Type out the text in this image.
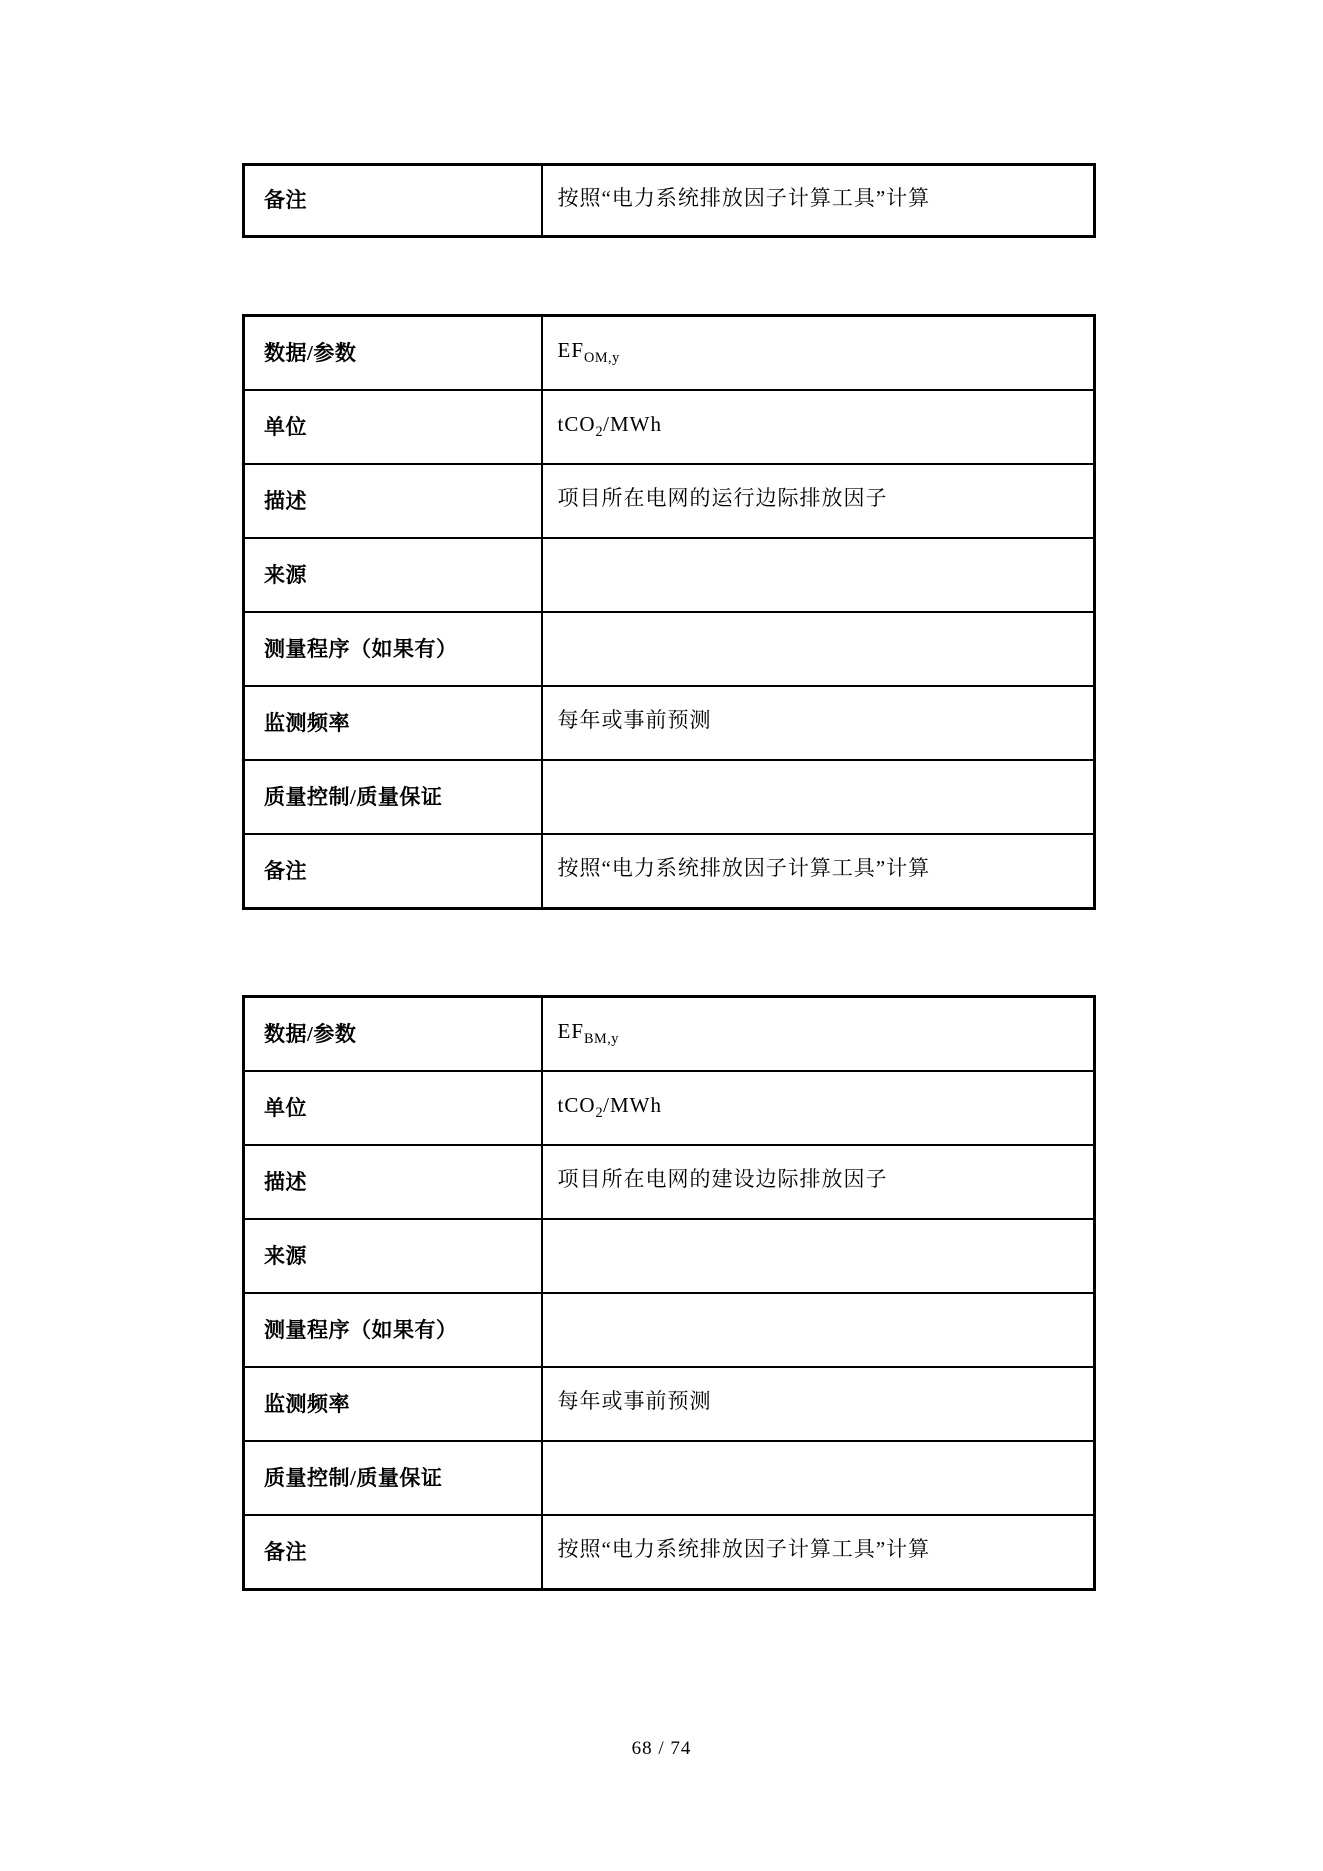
备注	按照“电力系统排放因子计算工具”计算
数据/参数	$EF_{OM,y}$
单位	tCO$_2$/MWh
描述	项目所在电网的运行边际排放因子
来源	
测量程序（如果有）	
监测频率	每年或事前预测
质量控制/质量保证	
备注	按照“电力系统排放因子计算工具”计算
数据/参数	$EF_{BM,y}$
单位	tCO$_2$/MWh
描述	项目所在电网的建设边际排放因子
来源	
测量程序（如果有）	
监测频率	每年或事前预测
质量控制/质量保证	
备注	按照“电力系统排放因子计算工具”计算
68 / 74
